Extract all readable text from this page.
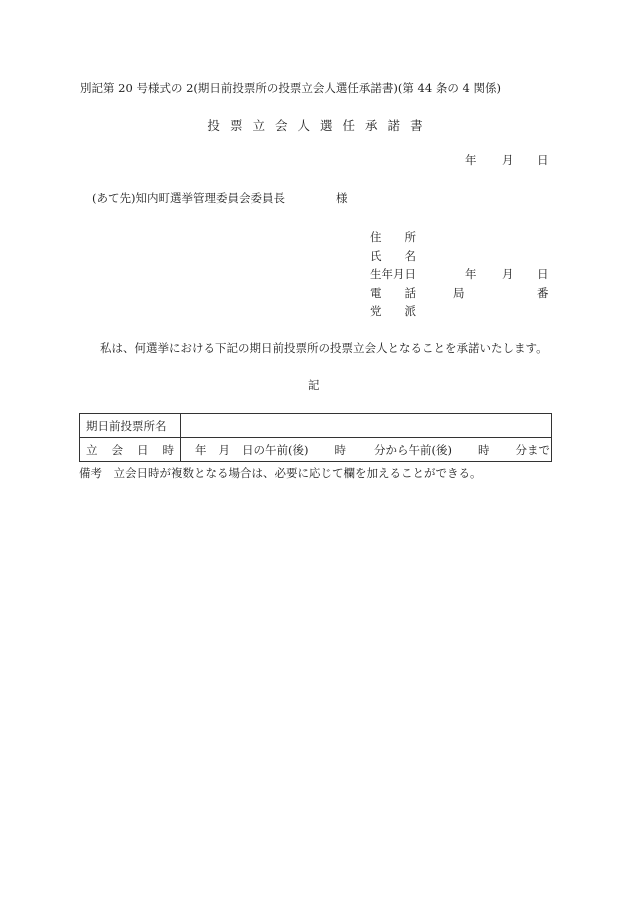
別記第 20 号様式の 2(期日前投票所の投票立会人選任承諾書)(第 44 条の 4 関係)
投 票 立 会 人 選 任 承 諾 書
年 月 日
(あて先)知内町選挙管理委員会委員長	様
住 所
氏 名
生年月日	年 月 日
電 話	局	番
党 派
私は、何選挙における下記の期日前投票所の投票立会人となることを承諾いたします。
記
期日前投票所名	

立 会 日 時	年 月 日の午前(後) 時 分から午前(後) 時 分まで
備考　立会日時が複数となる場合は、必要に応じて欄を加えることができる。
